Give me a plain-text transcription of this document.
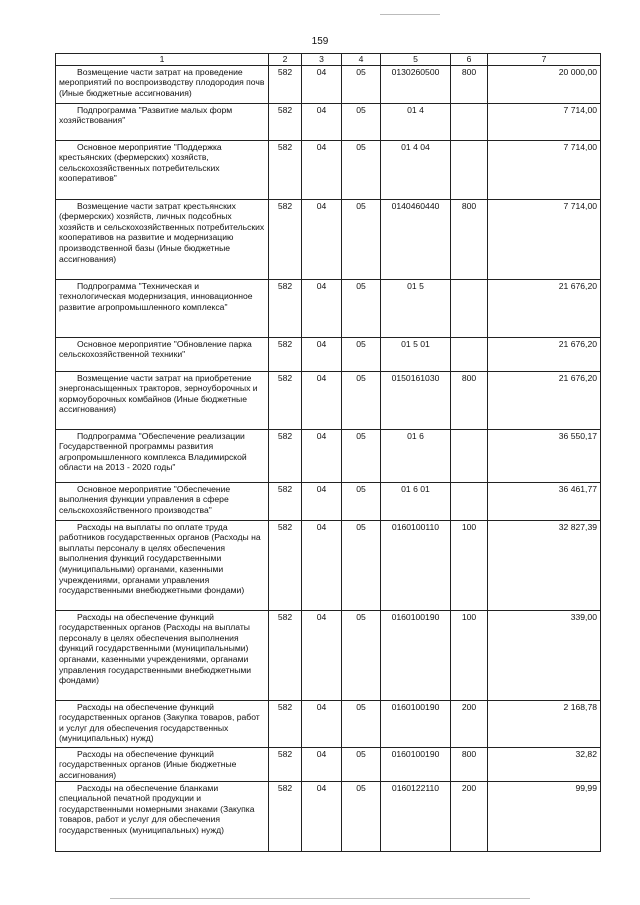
159
1	2	3	4	5	6	7
Возмещение части затрат на проведение мероприятий по воспроизводству плодородия почв (Иные бюджетные ассигнования)	582	04	05	0130260500	800	20 000,00
Подпрограмма "Развитие малых форм хозяйствования"	582	04	05	01 4		7 714,00
Основное мероприятие "Поддержка крестьянских (фермерских) хозяйств, сельскохозяйственных потребительских кооперативов"	582	04	05	01 4 04		7 714,00
Возмещение части затрат крестьянских (фермерских) хозяйств, личных подсобных хозяйств и сельскохозяйственных потребительских кооперативов на развитие и модернизацию производственной базы (Иные бюджетные ассигнования)	582	04	05	0140460440	800	7 714,00
Подпрограмма "Техническая и технологическая модернизация, инновационное развитие агропромышленного комплекса"	582	04	05	01 5		21 676,20
Основное мероприятие "Обновление парка сельскохозяйственной техники"	582	04	05	01 5 01		21 676,20
Возмещение части затрат на приобретение энергонасыщенных тракторов, зерноуборочных и кормоуборочных комбайнов (Иные бюджетные ассигнования)	582	04	05	0150161030	800	21 676,20
Подпрограмма "Обеспечение реализации Государственной программы развития агропромышленного комплекса Владимирской области на 2013 - 2020 годы"	582	04	05	01 6		36 550,17
Основное мероприятие "Обеспечение выполнения функции управления в сфере сельскохозяйственного производства"	582	04	05	01 6 01		36 461,77
Расходы на выплаты по оплате труда работников государственных органов (Расходы на выплаты персоналу в целях обеспечения выполнения функций государственными (муниципальными) органами, казенными учреждениями, органами управления государственными внебюджетными фондами)	582	04	05	0160100110	100	32 827,39
Расходы на обеспечение функций государственных органов (Расходы на выплаты персоналу в целях обеспечения выполнения функций государственными (муниципальными) органами, казенными учреждениями, органами управления государственными внебюджетными фондами)	582	04	05	0160100190	100	339,00
Расходы на обеспечение функций государственных органов (Закупка товаров, работ и услуг для обеспечения государственных (муниципальных) нужд)	582	04	05	0160100190	200	2 168,78
Расходы на обеспечение функций государственных органов (Иные бюджетные ассигнования)	582	04	05	0160100190	800	32,82
Расходы на обеспечение бланками специальной печатной продукции и государственными номерными знаками (Закупка товаров, работ и услуг для обеспечения государственных (муниципальных) нужд)	582	04	05	0160122110	200	99,99
